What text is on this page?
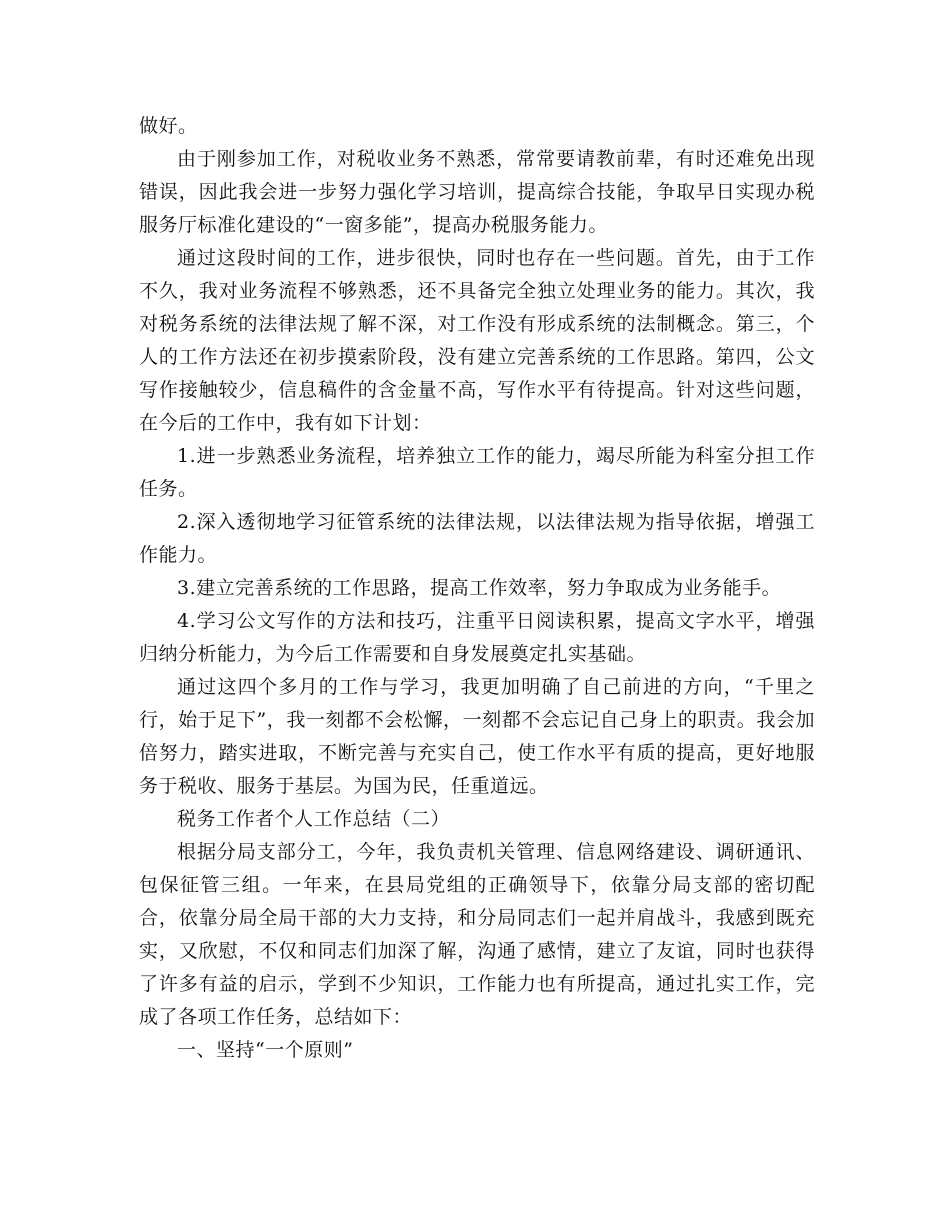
做好。

由于刚参加工作，对税收业务不熟悉，常常要请教前辈，有时还难免出现错误，因此我会进一步努力强化学习培训，提高综合技能，争取早日实现办税服务厅标准化建设的“一窗多能”，提高办税服务能力。

通过这段时间的工作，进步很快，同时也存在一些问题。首先，由于工作不久，我对业务流程不够熟悉，还不具备完全独立处理业务的能力。其次，我对税务系统的法律法规了解不深，对工作没有形成系统的法制概念。第三，个人的工作方法还在初步摸索阶段，没有建立完善系统的工作思路。第四，公文写作接触较少，信息稿件的含金量不高，写作水平有待提高。针对这些问题，在今后的工作中，我有如下计划：

1.进一步熟悉业务流程，培养独立工作的能力，竭尽所能为科室分担工作任务。

2.深入透彻地学习征管系统的法律法规，以法律法规为指导依据，增强工作能力。

3.建立完善系统的工作思路，提高工作效率，努力争取成为业务能手。

4.学习公文写作的方法和技巧，注重平日阅读积累，提高文字水平，增强归纳分析能力，为今后工作需要和自身发展奠定扎实基础。

通过这四个多月的工作与学习，我更加明确了自己前进的方向，“千里之行，始于足下”，我一刻都不会松懈，一刻都不会忘记自己身上的职责。我会加倍努力，踏实进取，不断完善与充实自己，使工作水平有质的提高，更好地服务于税收、服务于基层。为国为民，任重道远。

税务工作者个人工作总结（二）

根据分局支部分工，今年，我负责机关管理、信息网络建设、调研通讯、包保征管三组。一年来，在县局党组的正确领导下，依靠分局支部的密切配合，依靠分局全局干部的大力支持，和分局同志们一起并肩战斗，我感到既充实，又欣慰，不仅和同志们加深了解，沟通了感情，建立了友谊，同时也获得了许多有益的启示，学到不少知识，工作能力也有所提高，通过扎实工作，完成了各项工作任务，总结如下：

一、坚持“一个原则”
